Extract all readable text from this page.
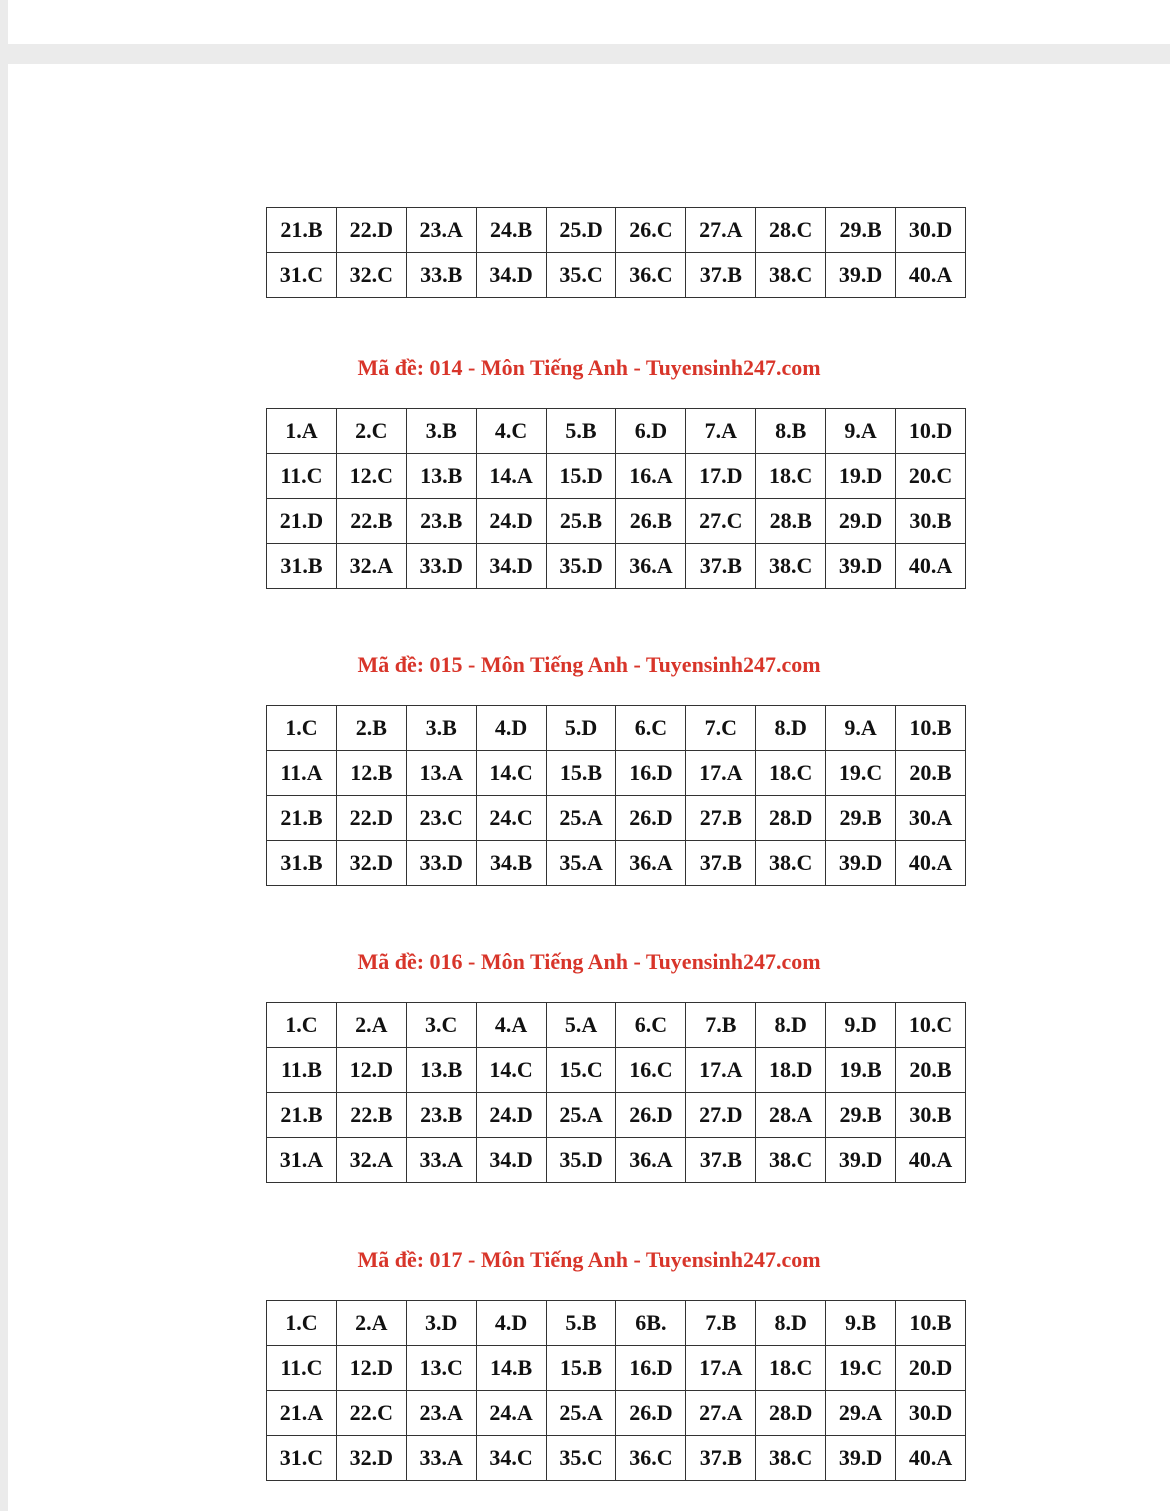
21.B	22.D	23.A	24.B	25.D	26.C	27.A	28.C	29.B	30.D
31.C	32.C	33.B	34.D	35.C	36.C	37.B	38.C	39.D	40.A
Mã đề: 014 - Môn Tiếng Anh - Tuyensinh247.com
1.A	2.C	3.B	4.C	5.B	6.D	7.A	8.B	9.A	10.D
11.C	12.C	13.B	14.A	15.D	16.A	17.D	18.C	19.D	20.C
21.D	22.B	23.B	24.D	25.B	26.B	27.C	28.B	29.D	30.B
31.B	32.A	33.D	34.D	35.D	36.A	37.B	38.C	39.D	40.A
Mã đề: 015 - Môn Tiếng Anh - Tuyensinh247.com
1.C	2.B	3.B	4.D	5.D	6.C	7.C	8.D	9.A	10.B
11.A	12.B	13.A	14.C	15.B	16.D	17.A	18.C	19.C	20.B
21.B	22.D	23.C	24.C	25.A	26.D	27.B	28.D	29.B	30.A
31.B	32.D	33.D	34.B	35.A	36.A	37.B	38.C	39.D	40.A
Mã đề: 016 - Môn Tiếng Anh - Tuyensinh247.com
1.C	2.A	3.C	4.A	5.A	6.C	7.B	8.D	9.D	10.C
11.B	12.D	13.B	14.C	15.C	16.C	17.A	18.D	19.B	20.B
21.B	22.B	23.B	24.D	25.A	26.D	27.D	28.A	29.B	30.B
31.A	32.A	33.A	34.D	35.D	36.A	37.B	38.C	39.D	40.A
Mã đề: 017 - Môn Tiếng Anh - Tuyensinh247.com
1.C	2.A	3.D	4.D	5.B	6B.	7.B	8.D	9.B	10.B
11.C	12.D	13.C	14.B	15.B	16.D	17.A	18.C	19.C	20.D
21.A	22.C	23.A	24.A	25.A	26.D	27.A	28.D	29.A	30.D
31.C	32.D	33.A	34.C	35.C	36.C	37.B	38.C	39.D	40.A
